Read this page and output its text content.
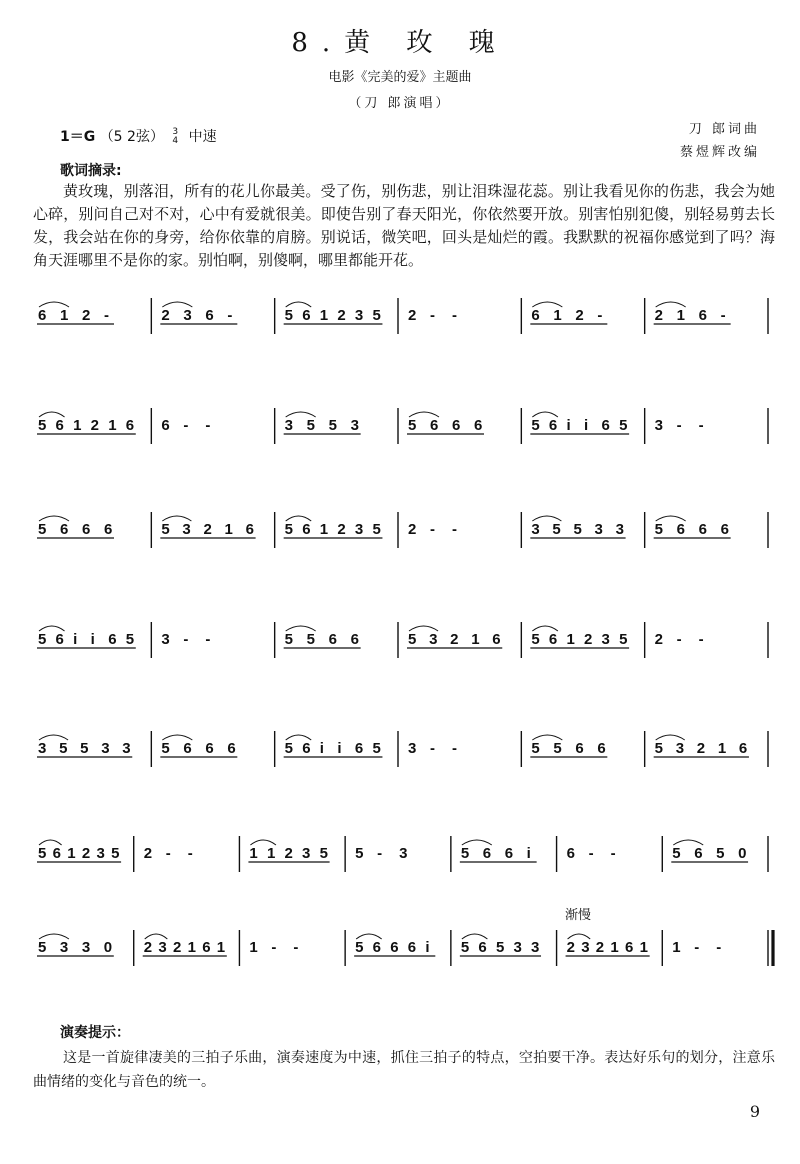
8.黄 玫 瑰
电影《完美的爱》主题曲
（刀 郎演唱）
刀 郎词曲
蔡煜辉改编
1＝G （5 2弦） 3
4 中速
歌词摘录:
黄玫瑰，别落泪，所有的花儿你最美。受了伤，别伤悲，别让泪珠湿花蕊。别让我看见你的伤悲，我会为她心碎，别问自己对不对，心中有爱就很美。即使告别了春天阳光，你依然要开放。别害怕别犯傻，别轻易剪去长发，我会站在你的身旁，给你依靠的肩膀。别说话，微笑吧，回头是灿烂的霞。我默默的祝福你感觉到了吗？海角天涯哪里不是你的家。别怕啊，别傻啊，哪里都能开花。
6 1 2 -	2 3 6 -	5 6 1 2 3 5 2 - -	6 1 2 -	2 1 6 -
5 6 1 2 1 6 6 - -	3 5 5 3	5 6 6 6	5 6 i i 6 5 3 - -
5 6 6 6	5 3 2 1 6 5 6 1 2 3 5 2 - -	3 5 5 3 3 5 6 6 6
5 6 i i 6 5 3 - -	5 5 6 6	5 3 2 1 6 5 6 1 2 3 5 2 - -
3 5 5 3 3 5 6 6 6	5 6 i i 6 5 3 - -	5 5 6 6	5 3 2 1 6
5 6 1 2 3 5 2 - -	1 1 2 3 5 5 - 3	5 6 6 i 6 - -	5 6 5 0
5 3 3 0 2 3 2 1 6 1 1 - -	5 6 6 6 i 5 6 5 3 3 2 3 2 1 6 1 1 - -
渐慢
演奏提示：
这是一首旋律凄美的三拍子乐曲，演奏速度为中速，抓住三拍子的特点，空拍要干净。表达好乐句的划分，注意乐曲情绪的变化与音色的统一。
9
